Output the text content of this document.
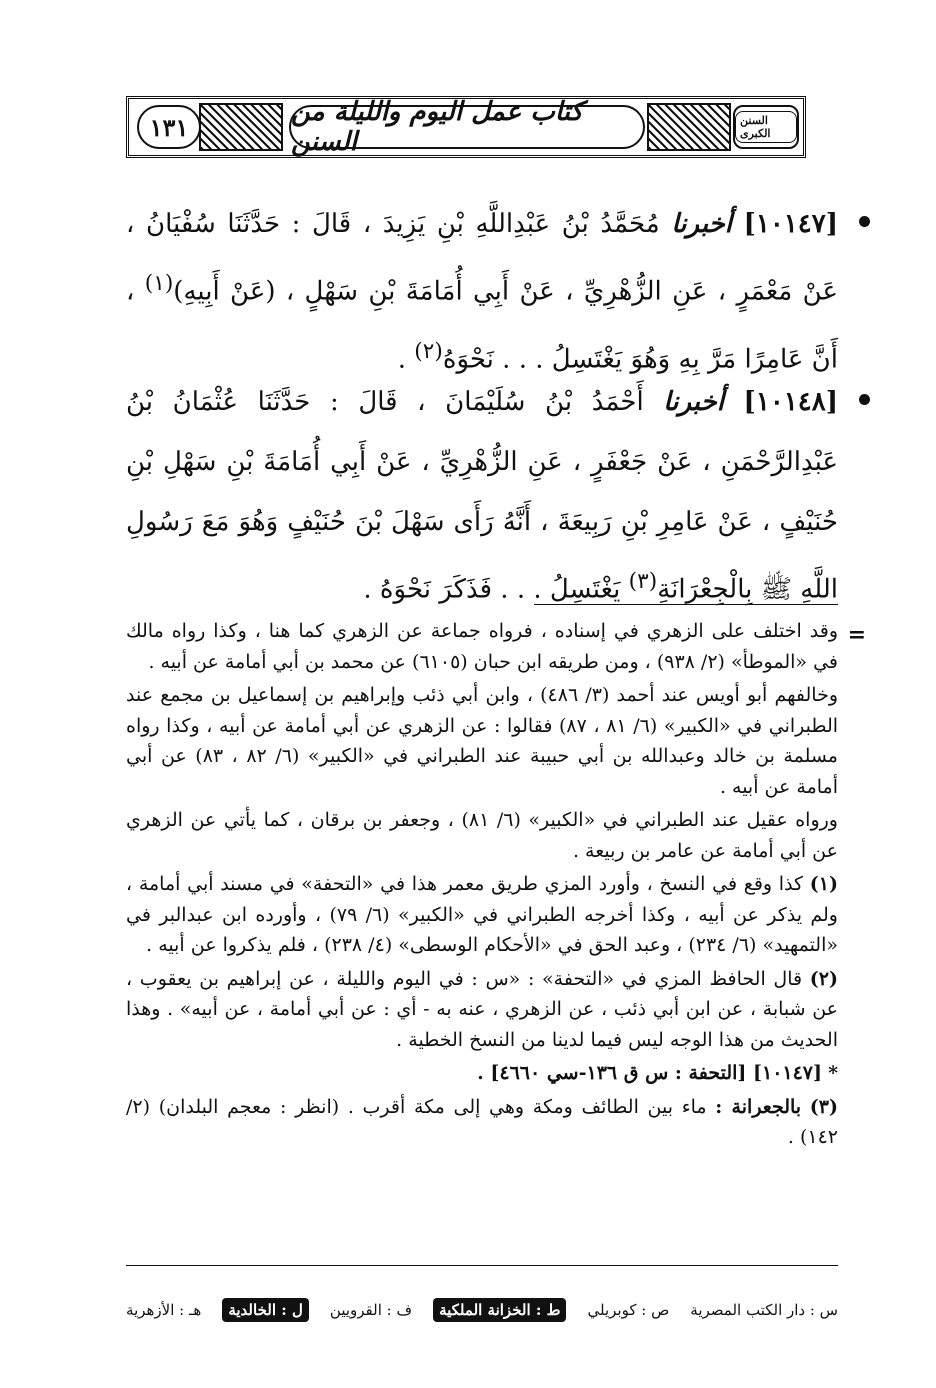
١٣١	كتاب عمل اليوم والليلة من السنن
السنن الكبرى
[١٠١٤٧] أخبرنا مُحَمَّدُ بْنُ عَبْدِاللَّهِ بْنِ يَزِيدَ ، قَالَ : حَدَّثَنَا سُفْيَانُ ، عَنْ مَعْمَرٍ ، عَنِ الزُّهْرِيِّ ، عَنْ أَبِي أُمَامَةَ بْنِ سَهْلٍ ، (عَنْ أَبِيهِ)$^{(١)}$ ، أَنَّ عَامِرًا مَرَّ بِهِ وَهُوَ يَغْتَسِلُ . . . نَحْوَهُ$^{(٢)}$ .
[١٠١٤٨] أخبرنا أَحْمَدُ بْنُ سُلَيْمَانَ ، قَالَ : حَدَّثَنَا عُثْمَانُ بْنُ عَبْدِالرَّحْمَنِ ، عَنْ جَعْفَرٍ ، عَنِ الزُّهْرِيِّ ، عَنْ أَبِي أُمَامَةَ بْنِ سَهْلِ بْنِ حُنَيْفٍ ، عَنْ عَامِرِ بْنِ رَبِيعَةَ ، أَنَّهُ رَأَى سَهْلَ بْنَ حُنَيْفٍ وَهُوَ مَعَ رَسُولِ اللَّهِ ﷺ بِالْجِعْرَانَةِ$^{(٣)}$ يَغْتَسِلُ . . . فَذَكَرَ نَحْوَهُ .
=

وقد اختلف على الزهري في إسناده ، فرواه جماعة عن الزهري كما هنا ، وكذا رواه مالك في «الموطأ» (٢/ ٩٣٨) ، ومن طريقه ابن حبان (٦١٠٥) عن محمد بن أبي أمامة عن أبيه .

وخالفهم أبو أويس عند أحمد (٣/ ٤٨٦) ، وابن أبي ذئب وإبراهيم بن إسماعيل بن مجمع عند الطبراني في «الكبير» (٦/ ٨١ ، ٨٧) فقالوا : عن الزهري عن أبي أمامة عن أبيه ، وكذا رواه مسلمة بن خالد وعبدالله بن أبي حبيبة عند الطبراني في «الكبير» (٦/ ٨٢ ، ٨٣) عن أبي أمامة عن أبيه .

ورواه عقيل عند الطبراني في «الكبير» (٦/ ٨١) ، وجعفر بن برقان ، كما يأتي عن الزهري عن أبي أمامة عن عامر بن ربيعة .

(١) كذا وقع في النسخ ، وأورد المزي طريق معمر هذا في «التحفة» في مسند أبي أمامة ، ولم يذكر عن أبيه ، وكذا أخرجه الطبراني في «الكبير» (٦/ ٧٩) ، وأورده ابن عبدالبر في «التمهيد» (٦/ ٢٣٤) ، وعبد الحق في «الأحكام الوسطى» (٤/ ٢٣٨) ، فلم يذكروا عن أبيه .

(٢) قال الحافظ المزي في «التحفة» : «س : في اليوم والليلة ، عن إبراهيم بن يعقوب ، عن شبابة ، عن ابن أبي ذئب ، عن الزهري ، عنه به - أي : عن أبي أمامة ، عن أبيه» . وهذا الحديث من هذا الوجه ليس فيما لدينا من النسخ الخطية .

* [١٠١٤٧] [التحفة : س ق ١٣٦-سي ٤٦٦٠] .

(٣) بالجعرانة : ماء بين الطائف ومكة وهي إلى مكة أقرب . (انظر : معجم البلدان) (٢/ ١٤٢) .

س : دار الكتب المصرية
ص : كوبريلي
ط : الخزانة الملكية
ف : القرويين
ل : الخالدية
هـ : الأزهرية
